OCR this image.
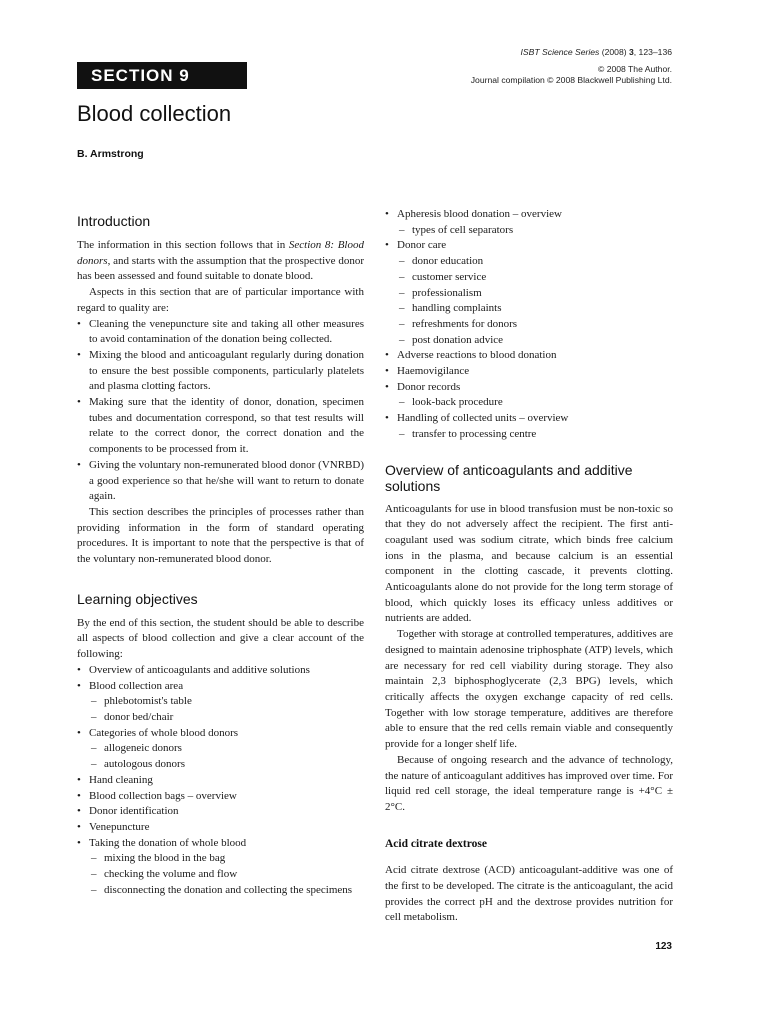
ISBT Science Series (2008) 3, 123–136
© 2008 The Author.
Journal compilation © 2008 Blackwell Publishing Ltd.
SECTION 9
Blood collection
B. Armstrong
Introduction

The information in this section follows that in Section 8: Blood donors, and starts with the assumption that the prospective donor has been assessed and found suitable to donate blood.

Aspects in this section that are of particular importance with regard to quality are:

• Cleaning the venepuncture site and taking all other measures to avoid contamination of the donation being collected.
• Mixing the blood and anticoagulant regularly during donation to ensure the best possible components, particularly platelets and plasma clotting factors.
• Making sure that the identity of donor, donation, specimen tubes and documentation correspond, so that test results will relate to the correct donor, the correct donation and the components to be processed from it.
• Giving the voluntary non-remunerated blood donor (VNRBD) a good experience so that he/she will want to return to donate again.

This section describes the principles of processes rather than providing information in the form of standard operating procedures. It is important to note that the perspective is that of the voluntary non-remunerated blood donor.

Learning objectives

By the end of this section, the student should be able to describe all aspects of blood collection and give a clear account of the following:

• Overview of anticoagulants and additive solutions
• Blood collection area
– phlebotomist's table
– donor bed/chair
• Categories of whole blood donors
– allogeneic donors
– autologous donors
• Hand cleaning
• Blood collection bags – overview
• Donor identification
• Venepuncture
• Taking the donation of whole blood
– mixing the blood in the bag
– checking the volume and flow
– disconnecting the donation and collecting the specimens
• Apheresis blood donation – overview
– types of cell separators
• Donor care
– donor education
– customer service
– professionalism
– handling complaints
– refreshments for donors
– post donation advice
• Adverse reactions to blood donation
• Haemovigilance
• Donor records
– look-back procedure
• Handling of collected units – overview
– transfer to processing centre
Overview of anticoagulants and additive solutions

Anticoagulants for use in blood transfusion must be non-toxic so that they do not adversely affect the recipient. The first anti-coagulant used was sodium citrate, which binds free calcium ions in the plasma, and because calcium is an essential component in the clotting cascade, it prevents clotting. Anticoagulants alone do not provide for the long term storage of blood, which quickly loses its efficacy unless additives or nutrients are added.

Together with storage at controlled temperatures, additives are designed to maintain adenosine triphosphate (ATP) levels, which are necessary for red cell viability during storage. They also maintain 2,3 biphosphoglycerate (2,3 BPG) levels, which critically affects the oxygen exchange capacity of red cells. Together with low storage temperature, additives are therefore able to ensure that the red cells remain viable and consequently provide for a longer shelf life.

Because of ongoing research and the advance of technology, the nature of anticoagulant additives has improved over time. For liquid red cell storage, the ideal temperature range is +4°C ± 2°C.

Acid citrate dextrose

Acid citrate dextrose (ACD) anticoagulant-additive was one of the first to be developed. The citrate is the anticoagulant, the acid provides the correct pH and the dextrose provides nutrition for cell metabolism.

123
